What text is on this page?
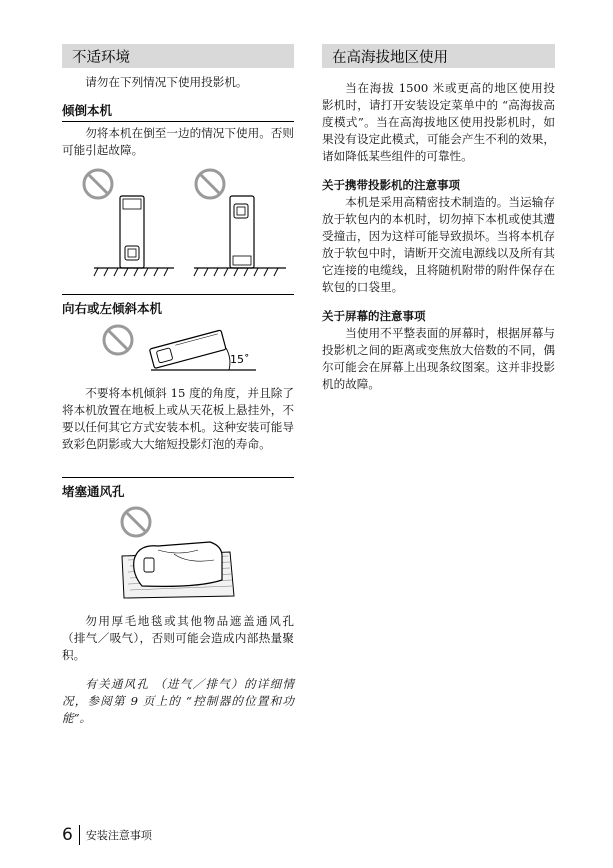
不适环境

请勿在下列情况下使用投影机。

倾倒本机

勿将本机在倒至一边的情况下使用。否则可能引起故障。

向右或左倾斜本机
15˚

不要将本机倾斜 15 度的角度，并且除了将本机放置在地板上或从天花板上悬挂外，不要以任何其它方式安装本机。这种安装可能导致彩色阴影或大大缩短投影灯泡的寿命。

堵塞通风孔

勿用厚毛地毯或其他物品遮盖通风孔 （排气／吸气），否则可能会造成内部热量聚积。

有关通风孔 （进气／排气）的详细情况，参阅第 9 页上的 “控制器的位置和功能”。

在高海拔地区使用

当在海拔 1500 米或更高的地区使用投影机时，请打开安装设定菜单中的 “高海拔高度模式”。当在高海拔地区使用投影机时，如果没有设定此模式，可能会产生不利的效果，诸如降低某些组件的可靠性。

关于携带投影机的注意事项

本机是采用高精密技术制造的。当运输存放于软包内的本机时，切勿掉下本机或使其遭受撞击，因为这样可能导致损坏。当将本机存放于软包中时，请断开交流电源线以及所有其它连接的电缆线，且将随机附带的附件保存在软包的口袋里。

关于屏幕的注意事项

当使用不平整表面的屏幕时，根据屏幕与投影机之间的距离或变焦放大倍数的不同，偶尔可能会在屏幕上出现条纹图案。这并非投影机的故障。

6	安装注意事项
